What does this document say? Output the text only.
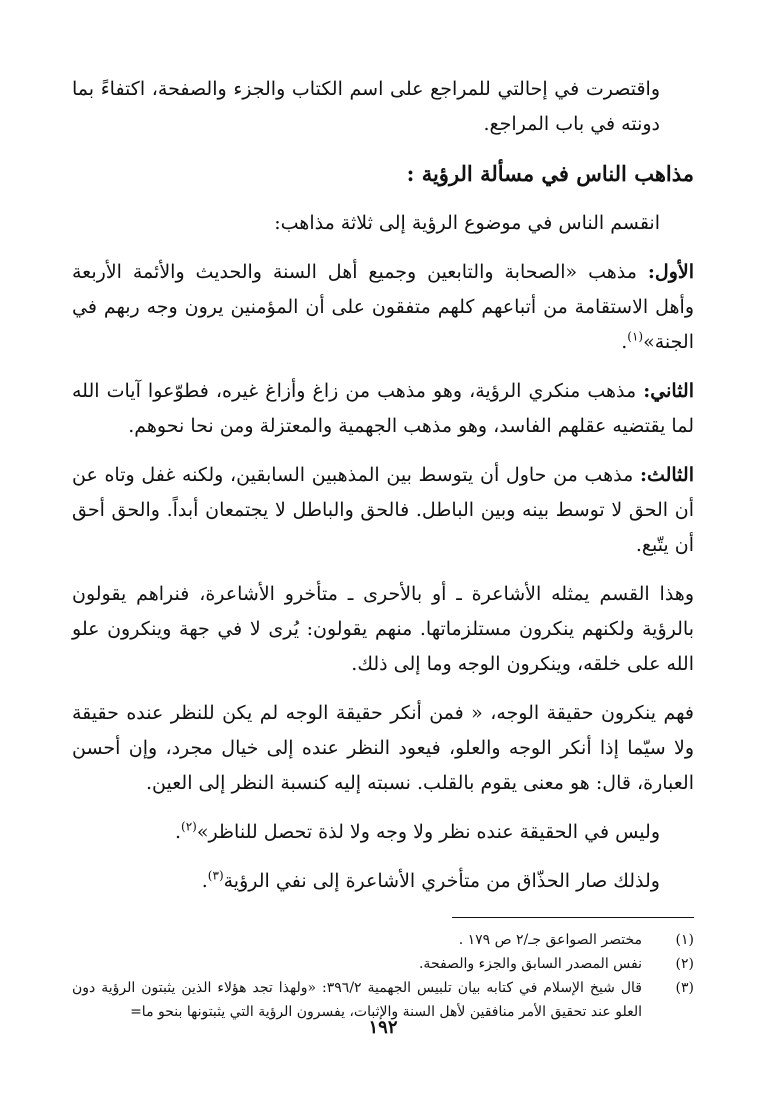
واقتصرت في إحالتي للمراجع على اسم الكتاب والجزء والصفحة، اكتفاءً بما دونته في باب المراجع.

مذاهب الناس في مسألة الرؤية :

انقسم الناس في موضوع الرؤية إلى ثلاثة مذاهب:

الأول: مذهب «الصحابة والتابعين وجميع أهل السنة والحديث والأئمة الأربعة وأهل الاستقامة من أتباعهم كلهم متفقون على أن المؤمنين يرون وجه ربهم في الجنة»$^{(١)}$.

الثاني: مذهب منكري الرؤية، وهو مذهب من زاغ وأزاغ غيره، فطوّعوا آيات الله لما يقتضيه عقلهم الفاسد، وهو مذهب الجهمية والمعتزلة ومن نحا نحوهم.

الثالث: مذهب من حاول أن يتوسط بين المذهبين السابقين، ولكنه غفل وتاه عن أن الحق لا توسط بينه وبين الباطل. فالحق والباطل لا يجتمعان أبداً. والحق أحق أن يتّبع.

وهذا القسم يمثله الأشاعرة ـ أو بالأحرى ـ متأخرو الأشاعرة، فنراهم يقولون بالرؤية ولكنهم ينكرون مستلزماتها. منهم يقولون: يُرى لا في جهة وينكرون علو الله على خلقه، وينكرون الوجه وما إلى ذلك.

فهم ينكرون حقيقة الوجه، « فمن أنكر حقيقة الوجه لم يكن للنظر عنده حقيقة ولا سيّما إذا أنكر الوجه والعلو، فيعود النظر عنده إلى خيال مجرد، وإن أحسن العبارة، قال: هو معنى يقوم بالقلب. نسبته إليه كنسبة النظر إلى العين.

وليس في الحقيقة عنده نظر ولا وجه ولا لذة تحصل للناظر»$^{(٢)}$.

ولذلك صار الحذّاق من متأخري الأشاعرة إلى نفي الرؤية$^{(٣)}$.

(١)
مختصر الصواعق جـ/٢ ص ١٧٩ .
(٢)
نفس المصدر السابق والجزء والصفحة.
(٣)
قال شيخ الإسلام في كتابه بيان تلبيس الجهمية ٣٩٦/٢: «ولهذا تجد هؤلاء الذين يثبتون الرؤية دون العلو عند تحقيق الأمر منافقين لأهل السنة والإثبات، يفسرون الرؤية التي يثبتونها بنحو ما=
١٩٢
